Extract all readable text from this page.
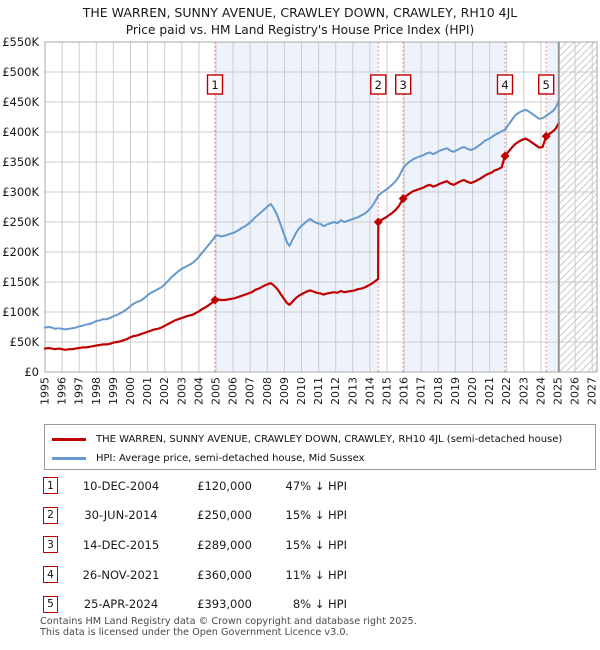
THE WARREN, SUNNY AVENUE, CRAWLEY DOWN, CRAWLEY, RH10 4JL
Price paid vs. HM Land Registry's House Price Index (HPI)
1	2 3	4	5
£0
£50K
£100K
£150K
£200K
£250K
£300K
£350K
£400K
£450K
£500K
£550K
1995 1996 1997 1998 1999 2000 2001 2002 2003 2004 2005 2006 2007 2008 2009 2010 2011 2012 2013 2014 2015 2016 2017 2018 2019 2020 2021 2022 2023 2024 2025 2026 2027
THE WARREN, SUNNY AVENUE, CRAWLEY DOWN, CRAWLEY, RH10 4JL (semi-detached house)
HPI: Average price, semi-detached house, Mid Sussex
1	10-DEC-2004	£120,000	47% ↓ HPI
2	30-JUN-2014	£250,000	15% ↓ HPI
3	14-DEC-2015	£289,000	15% ↓ HPI
4	26-NOV-2021	£360,000	11% ↓ HPI
5	25-APR-2024	£393,000	8% ↓ HPI
Contains HM Land Registry data © Crown copyright and database right 2025.
This data is licensed under the Open Government Licence v3.0.
